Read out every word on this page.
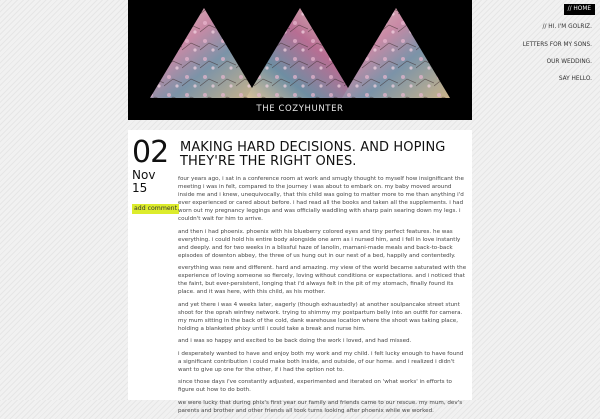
THE COZYHUNTER
02
Nov 15
add comment
MAKING HARD DECISIONS. AND HOPING THEY'RE THE RIGHT ONES.

four years ago, i sat in a conference room at work and smugly thought to myself how insignificant the meeting i was in felt, compared to the journey i was about to embark on. my baby moved around inside me and i knew, unequivocally, that this child was going to matter more to me than anything i'd ever experienced or cared about before. i had read all the books and taken all the supplements. i had worn out my pregnancy leggings and was officially waddling with sharp pain searing down my legs. i couldn't wait for him to arrive.

and then i had phoenix. phoenix with his blueberry colored eyes and tiny perfect features. he was everything. i could hold his entire body alongside one arm as i nursed him, and i fell in love instantly and deeply. and for two weeks in a blissful haze of lanolin, mamani-made meals and back-to-back episodes of downton abbey, the three of us hung out in our nest of a bed, happily and contentedly.

everything was new and different. hard and amazing. my view of the world became saturated with the experience of loving someone so fiercely, loving without conditions or expectations. and i noticed that the faint, but ever-persistent, longing that i'd always felt in the pit of my stomach, finally found its place. and it was here, with this child, as his mother.

and yet there i was 4 weeks later, eagerly (though exhaustedly) at another soulpancake street stunt shoot for the oprah winfrey network. trying to shimmy my postpartum belly into an outfit for camera. my mum sitting in the back of the cold, dank warehouse location where the shoot was taking place, holding a blanketed phixy until i could take a break and nurse him.

and i was so happy and excited to be back doing the work i loved, and had missed.

i desperately wanted to have and enjoy both my work and my child. i felt lucky enough to have found a significant contribution i could make both inside, and outside, of our home. and i realized i didn't want to give up one for the other, if i had the option not to.

since those days i've constantly adjusted, experimented and iterated on 'what works' in efforts to figure out how to do both.

we were lucky that during phix's first year our family and friends came to our rescue. my mum, dev's parents and brother and other friends all took turns looking after phoenix while we worked.

// HOME
// HI. I'M GOLRIZ.
LETTERS FOR MY SONS.
OUR WEDDING.
SAY HELLO.
